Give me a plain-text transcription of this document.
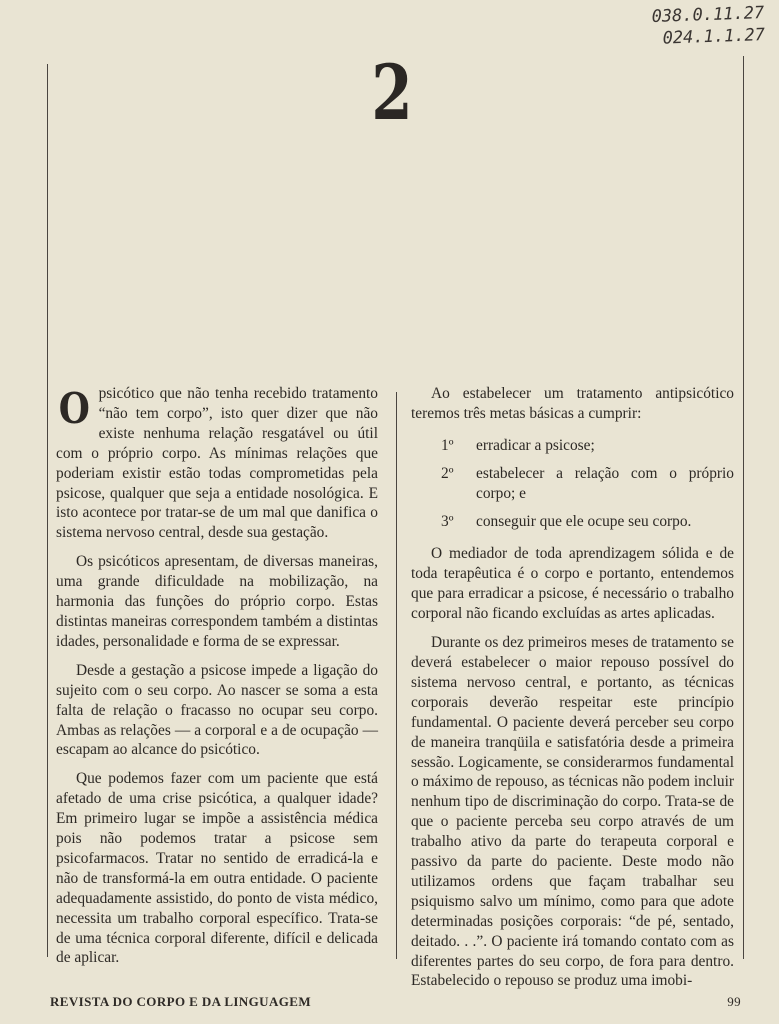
038.0.11.27
024.1.1.27
2

Opsicótico que não tenha recebido tratamento “não tem corpo”, isto quer dizer que não existe nenhuma relação resgatável ou útil com o próprio corpo. As mínimas relações que poderiam existir estão todas comprometidas pela psicose, qualquer que seja a entidade nosológica. E isto acontece por tratar-se de um mal que danifica o sistema nervoso central, desde sua gestação.

Os psicóticos apresentam, de diversas maneiras, uma grande dificuldade na mobilização, na harmonia das funções do próprio corpo. Estas distintas maneiras correspondem também a distintas idades, personalidade e forma de se expressar.

Desde a gestação a psicose impede a ligação do sujeito com o seu corpo. Ao nascer se soma a esta falta de relação o fracasso no ocupar seu corpo. Ambas as relações — a corporal e a de ocupação — escapam ao alcance do psicótico.

Que podemos fazer com um paciente que está afetado de uma crise psicótica, a qualquer idade? Em primeiro lugar se impõe a assistência médica pois não podemos tratar a psicose sem psicofarmacos. Tratar no sentido de erradicá-la e não de transformá-la em outra entidade. O paciente adequadamente assistido, do ponto de vista médico, necessita um trabalho corporal específico. Trata-se de uma técnica corporal diferente, difícil e delicada de aplicar.

Ao estabelecer um tratamento antipsicótico teremos três metas básicas a cumprir:

1º	erradicar a psicose;
2º	estabelecer a relação com o próprio corpo; e
3º	conseguir que ele ocupe seu corpo.

O mediador de toda aprendizagem sólida e de toda terapêutica é o corpo e portanto, entendemos que para erradicar a psicose, é necessário o trabalho corporal não ficando excluídas as artes aplicadas.

Durante os dez primeiros meses de tratamento se deverá estabelecer o maior repouso possível do sistema nervoso central, e portanto, as técnicas corporais deverão respeitar este princípio fundamental. O paciente deverá perceber seu corpo de maneira tranqüila e satisfatória desde a primeira sessão. Logicamente, se considerarmos fundamental o máximo de repouso, as técnicas não podem incluir nenhum tipo de discriminação do corpo. Trata-se de que o paciente perceba seu corpo através de um trabalho ativo da parte do terapeuta corporal e passivo da parte do paciente. Deste modo não utilizamos ordens que façam trabalhar seu psiquismo salvo um mínimo, como para que adote determinadas posições corporais: “de pé, sentado, deitado. . .”. O paciente irá tomando contato com as diferentes partes do seu corpo, de fora para dentro. Estabelecido o repouso se produz uma imobi-

REVISTA DO CORPO E DA LINGUAGEM	99
